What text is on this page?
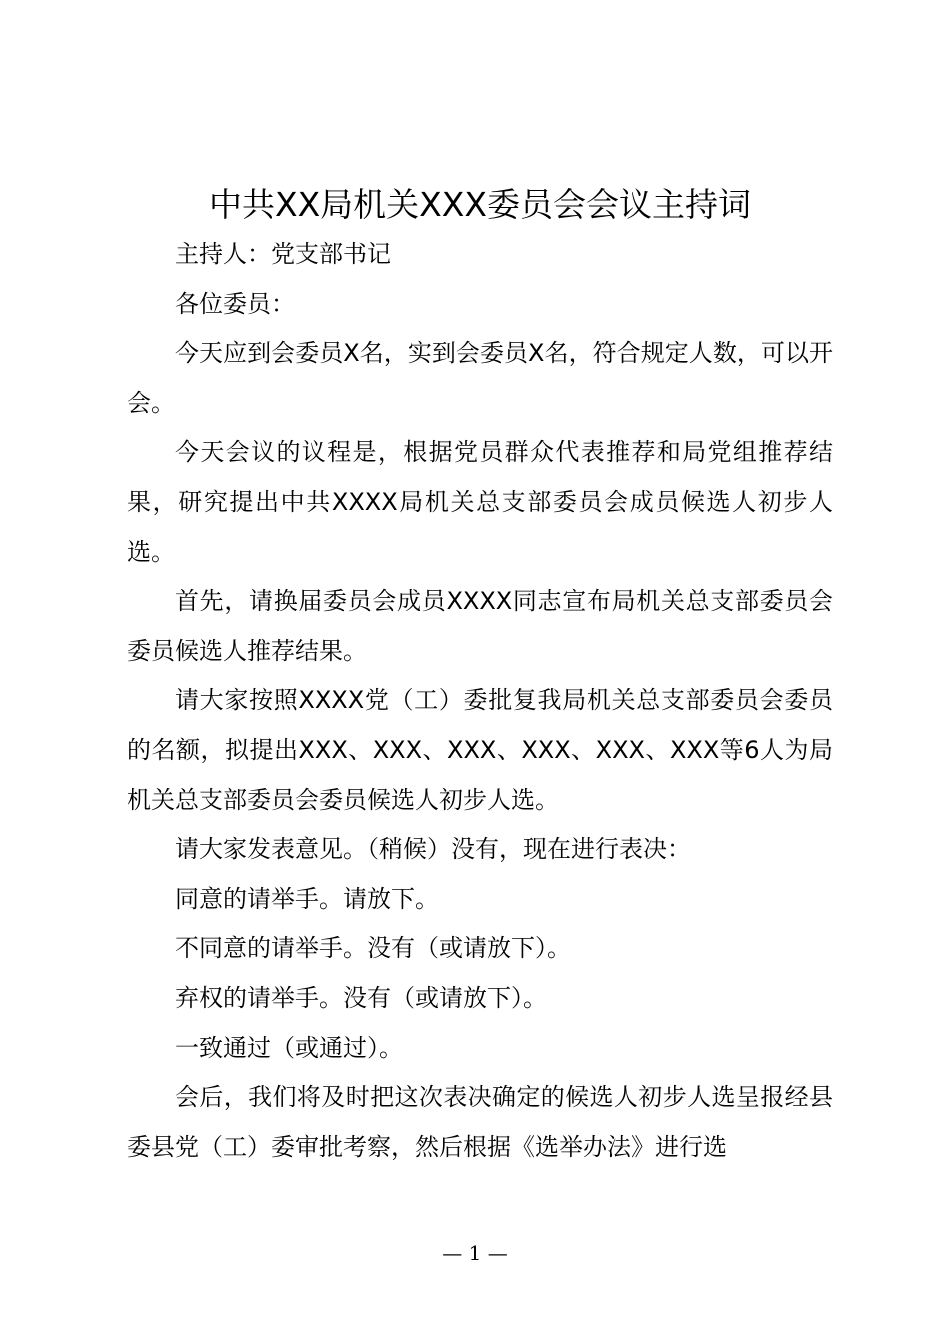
中共XX局机关XXX委员会会议主持词

主持人：党支部书记

各位委员：

今天应到会委员X名，实到会委员X名，符合规定人数，可以开会。

今天会议的议程是，根据党员群众代表推荐和局党组推荐结果，研究提出中共XXXX局机关总支部委员会成员候选人初步人选。

首先，请换届委员会成员XXXX同志宣布局机关总支部委员会委员候选人推荐结果。

请大家按照XXXX党（工）委批复我局机关总支部委员会委员的名额，拟提出XXX、XXX、XXX、XXX、XXX、XXX等6人为局机关总支部委员会委员候选人初步人选。

请大家发表意见。（稍候）没有，现在进行表决：

同意的请举手。请放下。

不同意的请举手。没有（或请放下）。

弃权的请举手。没有（或请放下）。

一致通过（或通过）。

会后，我们将及时把这次表决确定的候选人初步人选呈报经县委县党（工）委审批考察，然后根据《选举办法》进行选

— 1 —
